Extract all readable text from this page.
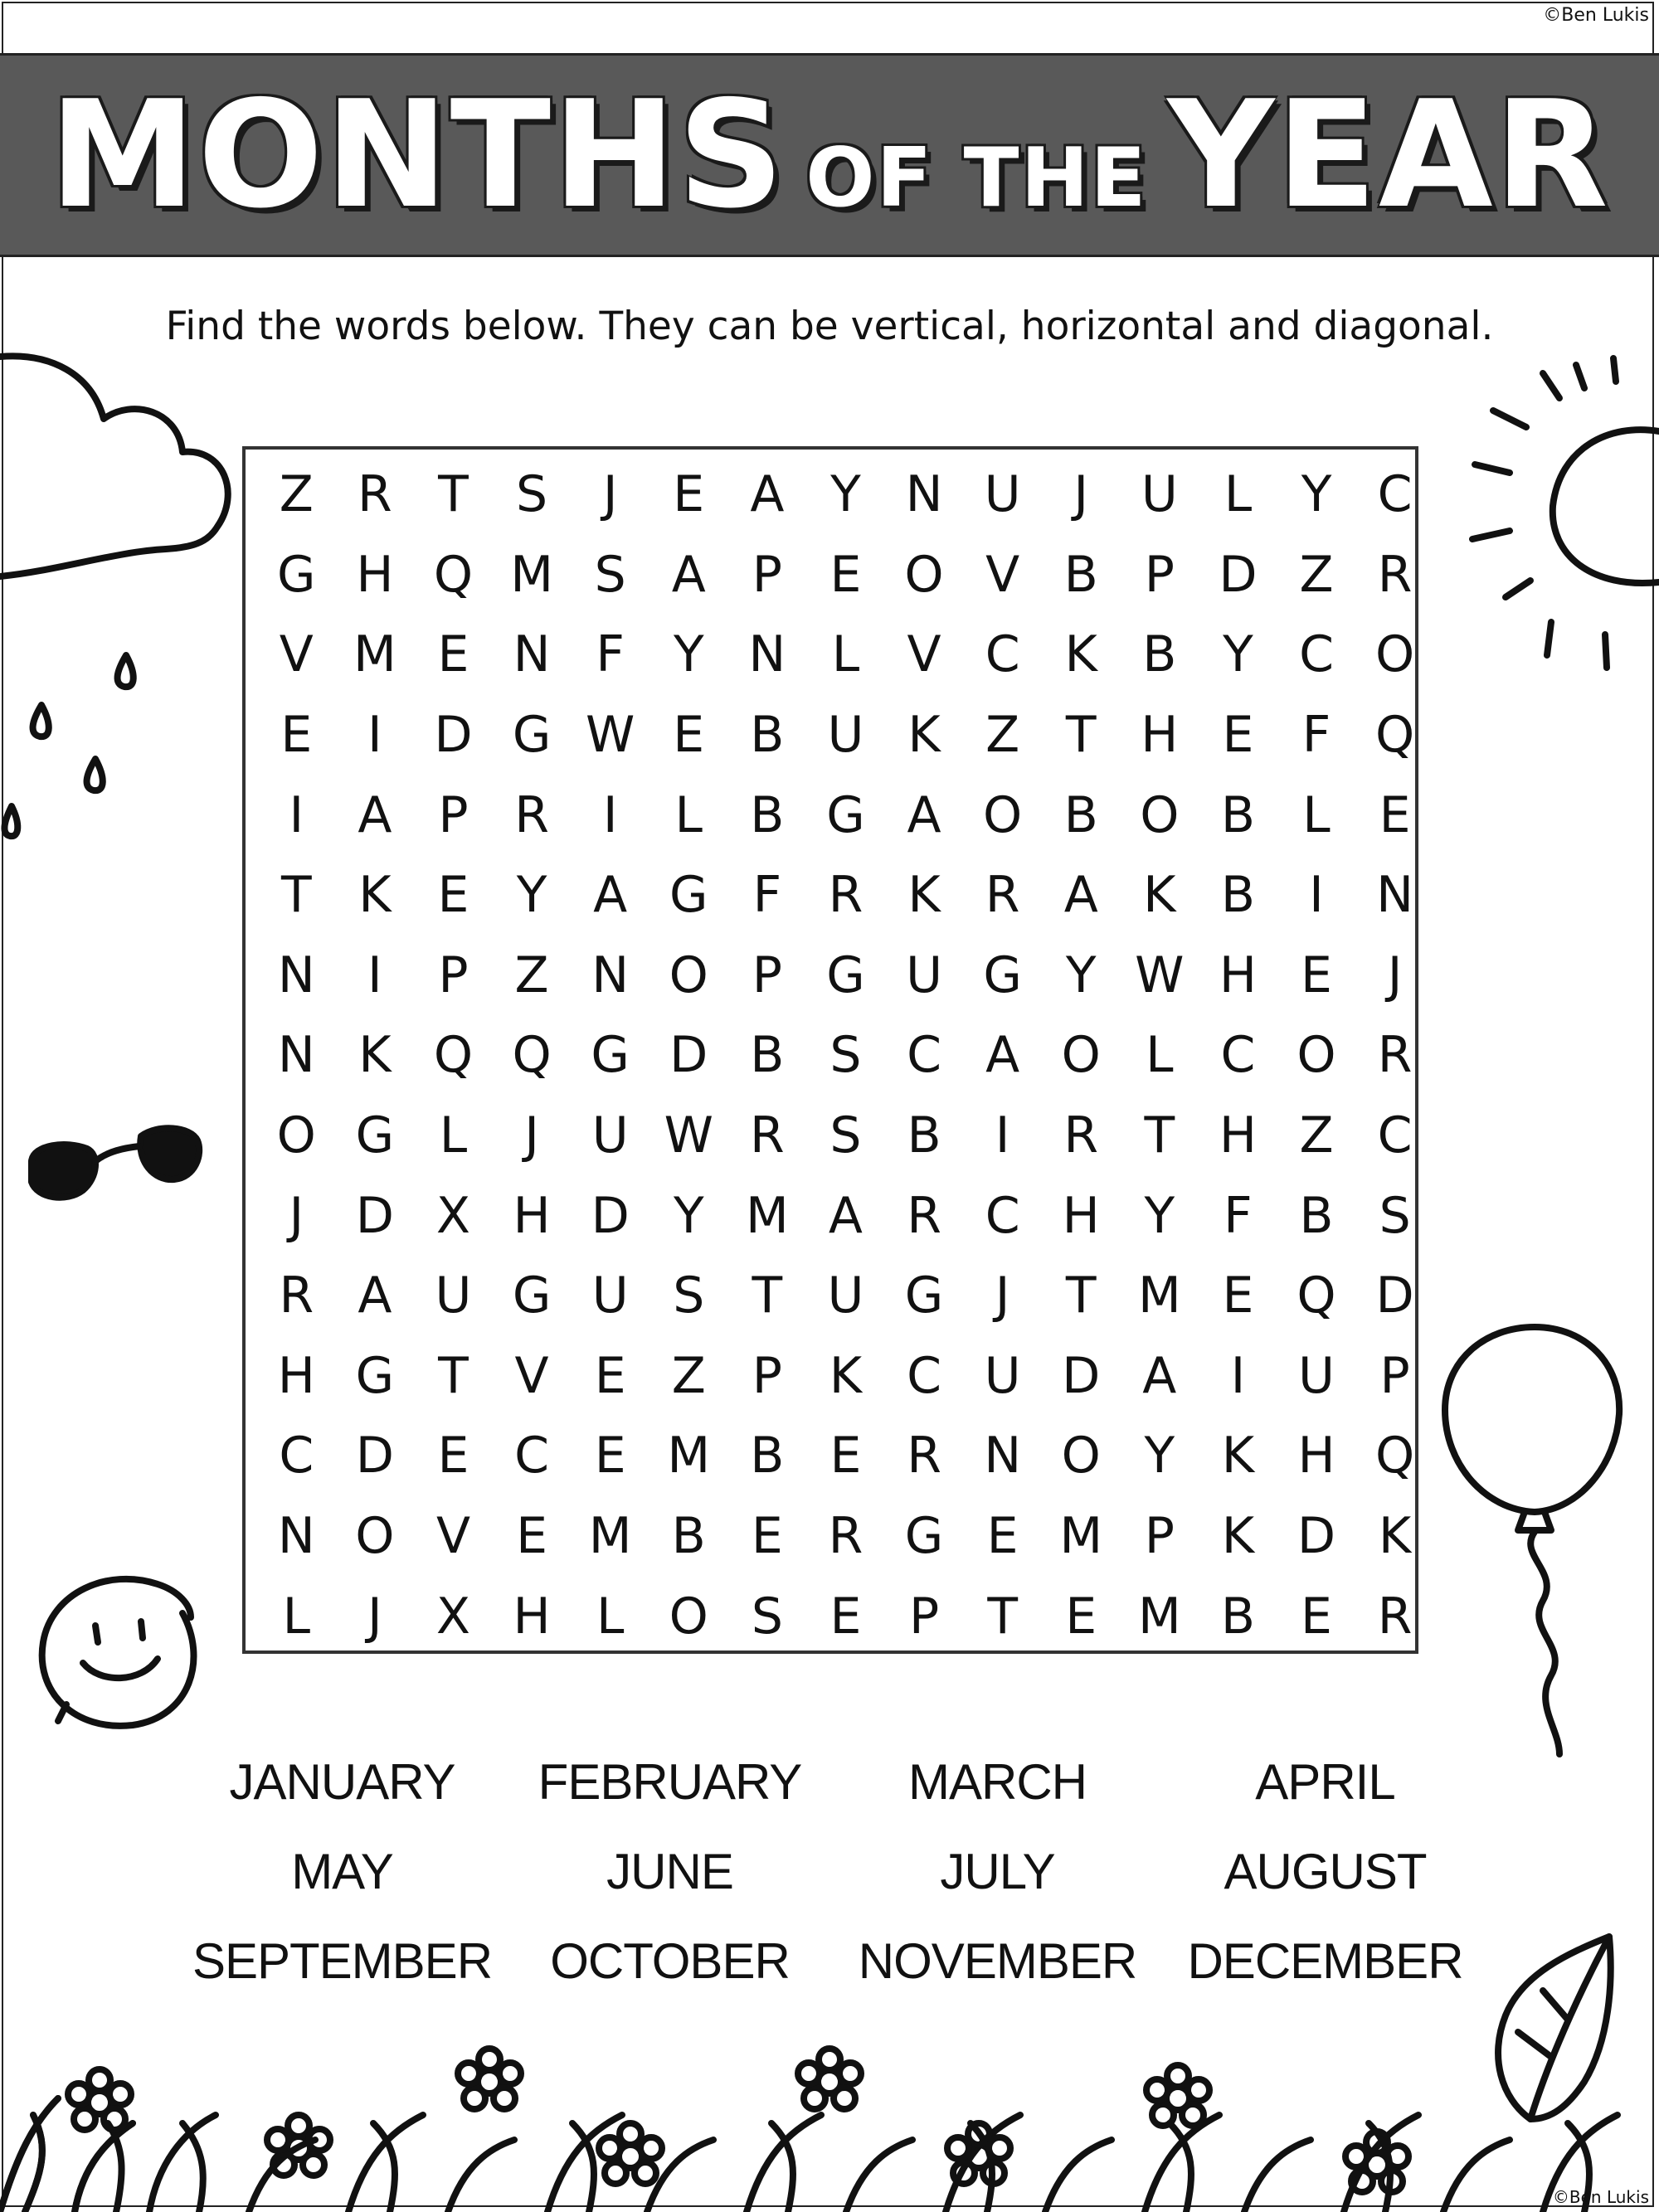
©Ben Lukis
MONTHS OF THE YEAR
Find the words below. They can be vertical, horizontal and diagonal.
Z R T S	J	E A Y N U	J	U L Y C
G H Q M S A P E O V B P D Z R
V M E N F Y N L V C K B Y C O
E	I	D G W E B U K Z T H E F Q
I	A P R	I	L B G A O B O B L E
T K E Y A G F R K R A K B	I	N
N	I	P Z N O P G U G Y W H E	J
N K Q Q G D B S C A O L C O R
O G L	J	U W R S B	I	R T H Z C
J	D X H D Y M A R C H Y F B S
R A U G U S T U G	J	T M E Q D
H G T V E Z P K C U D A	I	U P
C D E C E M B E R N O Y K H Q
N O V E M B E R G E M P K D K
L	J	X H L O S E P T E M B E R
JANUARY	FEBRUARY	MARCH	APRIL
MAY	JUNE	JULY	AUGUST
SEPTEMBER	OCTOBER	NOVEMBER	DECEMBER
©Ben Lukis
